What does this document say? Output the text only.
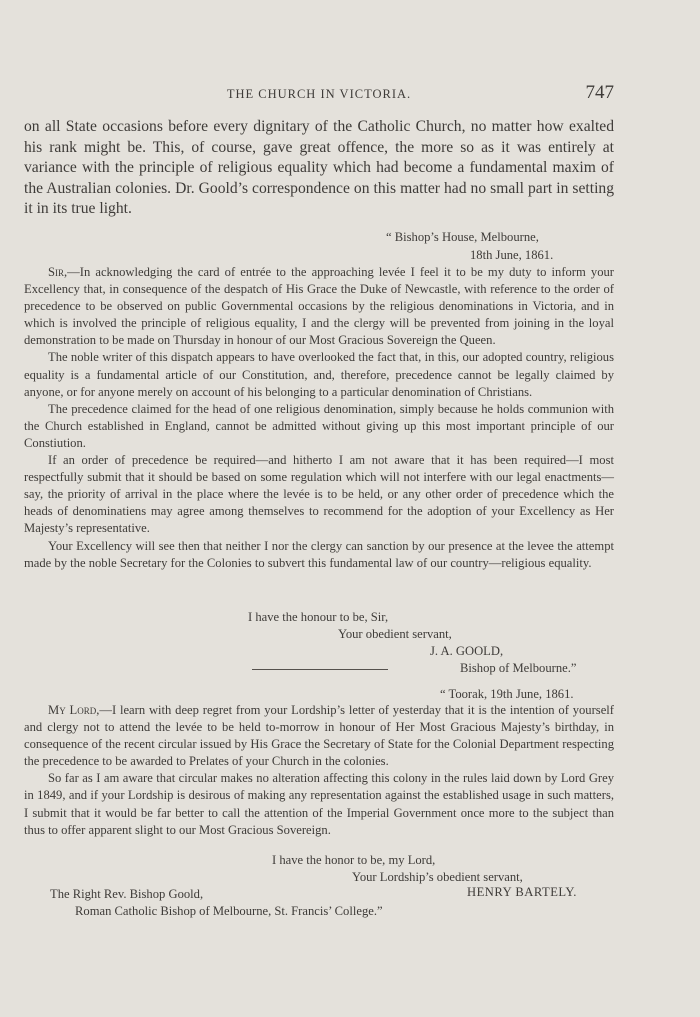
THE CHURCH IN VICTORIA.	747
on all State occasions before every dignitary of the Catholic Church, no matter how exalted his rank might be. This, of course, gave great offence, the more so as it was entirely at variance with the principle of religious equality which had become a fundamental maxim of the Australian colonies. Dr. Goold’s correspondence on this matter had no small part in setting it in its true light.
“ Bishop’s House, Melbourne,
18th June, 1861.

Sir,—In acknowledging the card of entrée to the approaching levée I feel it to be my duty to inform your Excellency that, in consequence of the despatch of His Grace the Duke of Newcastle, with reference to the order of precedence to be observed on public Governmental occasions by the religious denominations in Victoria, and in which is involved the principle of religious equality, I and the clergy will be prevented from joining in the loyal demonstration to be made on Thursday in honour of our Most Gracious Sovereign the Queen.

The noble writer of this dispatch appears to have overlooked the fact that, in this, our adopted country, religious equality is a fundamental article of our Constitution, and, therefore, precedence cannot be legally claimed by anyone, or for anyone merely on account of his belonging to a particular denomination of Christians.

The precedence claimed for the head of one religious denomination, simply because he holds communion with the Church established in England, cannot be admitted without giving up this most important principle of our Constiution.

If an order of precedence be required—and hitherto I am not aware that it has been required—I most respectfully submit that it should be based on some regulation which will not interfere with our legal enactments—say, the priority of arrival in the place where the levée is to be held, or any other order of precedence which the heads of denominatiens may agree among themselves to recommend for the adoption of your Excellency as Her Majesty’s representative.

Your Excellency will see then that neither I nor the clergy can sanction by our presence at the levee the attempt made by the noble Secretary for the Colonies to subvert this fundamental law of our country—religious equality.

I have the honour to be, Sir,
Your obedient servant,
J. A. GOOLD,
Bishop of Melbourne.”
“ Toorak, 19th June, 1861.

My Lord,—I learn with deep regret from your Lordship’s letter of yesterday that it is the intention of yourself and clergy not to attend the levée to be held to-morrow in honour of Her Most Gracious Majesty’s birthday, in consequence of the recent circular issued by His Grace the Secretary of State for the Colonial Department respecting the precedence to be awarded to Prelates of your Church in the colonies.

So far as I am aware that circular makes no alteration affecting this colony in the rules laid down by Lord Grey in 1849, and if your Lordship is desirous of making any representation against the established usage in such matters, I submit that it would be far better to call the attention of the Imperial Government once more to the subject than thus to offer apparent slight to our Most Gracious Sovereign.

I have the honor to be, my Lord,
Your Lordship’s obedient servant,
The Right Rev. Bishop Goold,	HENRY BARTELY.
Roman Catholic Bishop of Melbourne, St. Francis’ College.”
